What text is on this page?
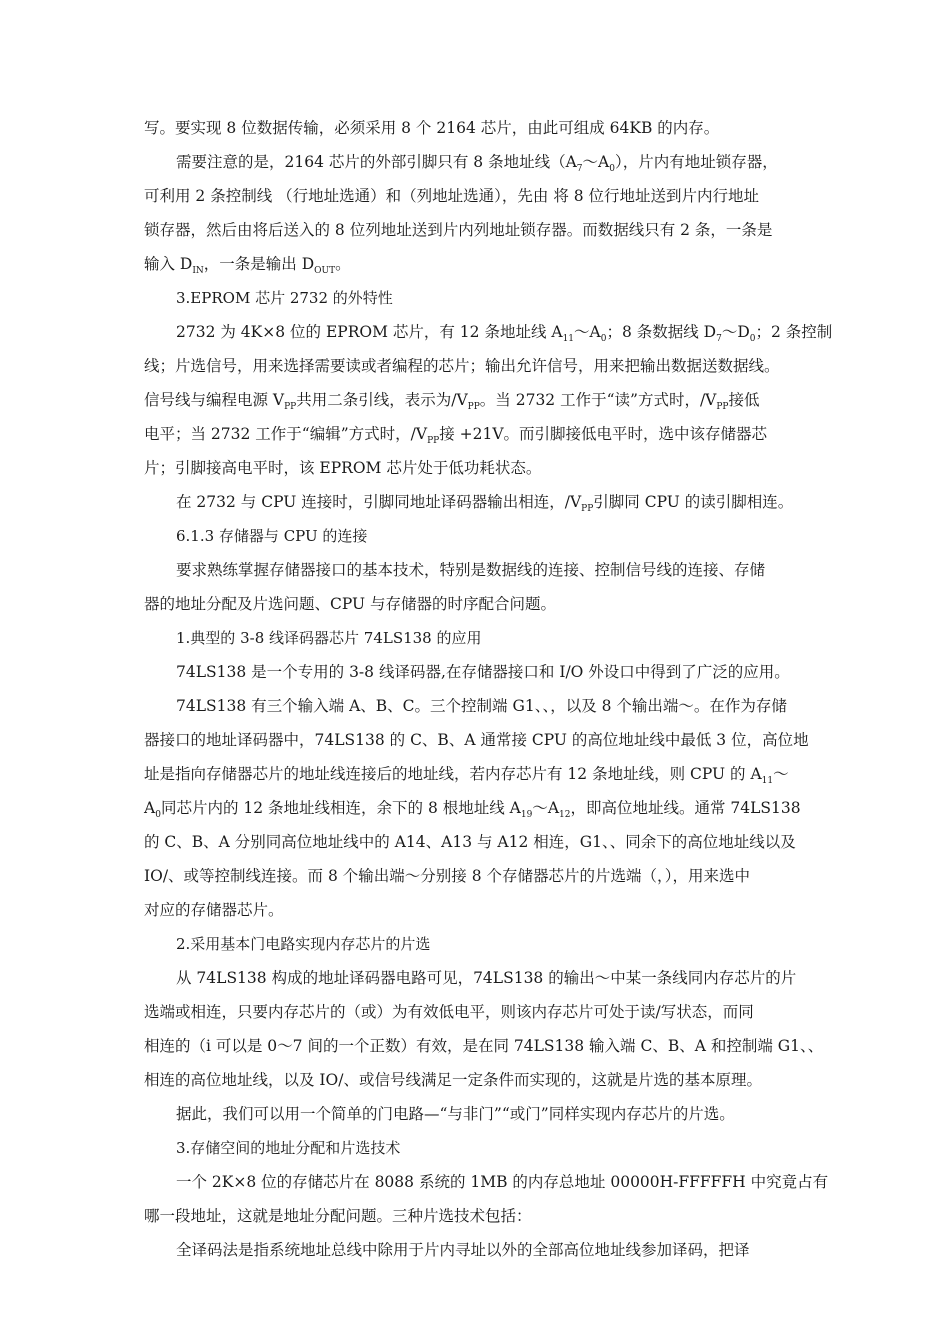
写。要实现 8 位数据传输，必须采用 8 个 2164 芯片，由此可组成 64KB 的内存。
需要注意的是，2164 芯片的外部引脚只有 8 条地址线$(A_7\sim A_0)$，片内有地址锁存器，
可利用 2 条控制线 （行地址选通）和（列地址选通），先由 将 8 位行地址送到片内行地址
锁存器，然后由将后送入的 8 位列地址送到片内列地址锁存器。而数据线只有 2 条，一条是
输入 $D_{IN}$，一条是输出 $D_{OUT}$。
3.EPROM 芯片 2732 的外特性
2732 为 4K×8 位的 EPROM 芯片，有 12 条地址线 $A_{11}\sim A_0$；8 条数据线 $D_7\sim D_0$；2 条控制
线；片选信号，用来选择需要读或者编程的芯片；输出允许信号，用来把输出数据送数据线。
信号线与编程电源 $V_{PP}$共用二条引线，表示为$/V_{PP}$。当 2732 工作于“读”方式时，$/V_{PP}$接低
电平；当 2732 工作于“编辑”方式时，$/V_{PP}$接 +21V。而引脚接低电平时，选中该存储器芯
片；引脚接高电平时，该 EPROM 芯片处于低功耗状态。
在 2732 与 CPU 连接时，引脚同地址译码器输出相连，$/V_{PP}$引脚同 CPU 的读引脚相连。
6.1.3 存储器与 CPU 的连接
要求熟练掌握存储器接口的基本技术，特别是数据线的连接、控制信号线的连接、存储
器的地址分配及片选问题、CPU 与存储器的时序配合问题。
1.典型的 3-8 线译码器芯片 74LS138 的应用
74LS138 是一个专用的 3-8 线译码器,在存储器接口和 I/O 外设口中得到了广泛的应用。
74LS138 有三个输入端 A、B、C。三个控制端 G1、、，以及 8 个输出端～。在作为存储
器接口的地址译码器中，74LS138 的 C、B、A 通常接 CPU 的高位地址线中最低 3 位，高位地
址是指向存储器芯片的地址线连接后的地址线，若内存芯片有 12 条地址线，则 CPU 的 $A_{11}\sim$
$A_0$同芯片内的 12 条地址线相连，余下的 8 根地址线 $A_{19}\sim A_{12}$，即高位地址线。通常 74LS138
的 C、B、A 分别同高位地址线中的 A14、A13 与 A12 相连，G1、、同余下的高位地址线以及
IO/、或等控制线连接。而 8 个输出端～分别接 8 个存储器芯片的片选端（，），用来选中
对应的存储器芯片。
2.采用基本门电路实现内存芯片的片选
从 74LS138 构成的地址译码器电路可见，74LS138 的输出～中某一条线同内存芯片的片
选端或相连，只要内存芯片的（或）为有效低电平，则该内存芯片可处于读/写状态，而同
相连的（i 可以是 0～7 间的一个正数）有效，是在同 74LS138 输入端 C、B、A 和控制端 G1、、
相连的高位地址线，以及 IO/、或信号线满足一定条件而实现的，这就是片选的基本原理。
据此，我们可以用一个简单的门电路—“与非门”“或门”同样实现内存芯片的片选。
3.存储空间的地址分配和片选技术
一个 2K×8 位的存储芯片在 8088 系统的 1MB 的内存总地址 00000H-FFFFFH 中究竟占有
哪一段地址，这就是地址分配问题。三种片选技术包括：
全译码法是指系统地址总线中除用于片内寻址以外的全部高位地址线参加译码，把译
